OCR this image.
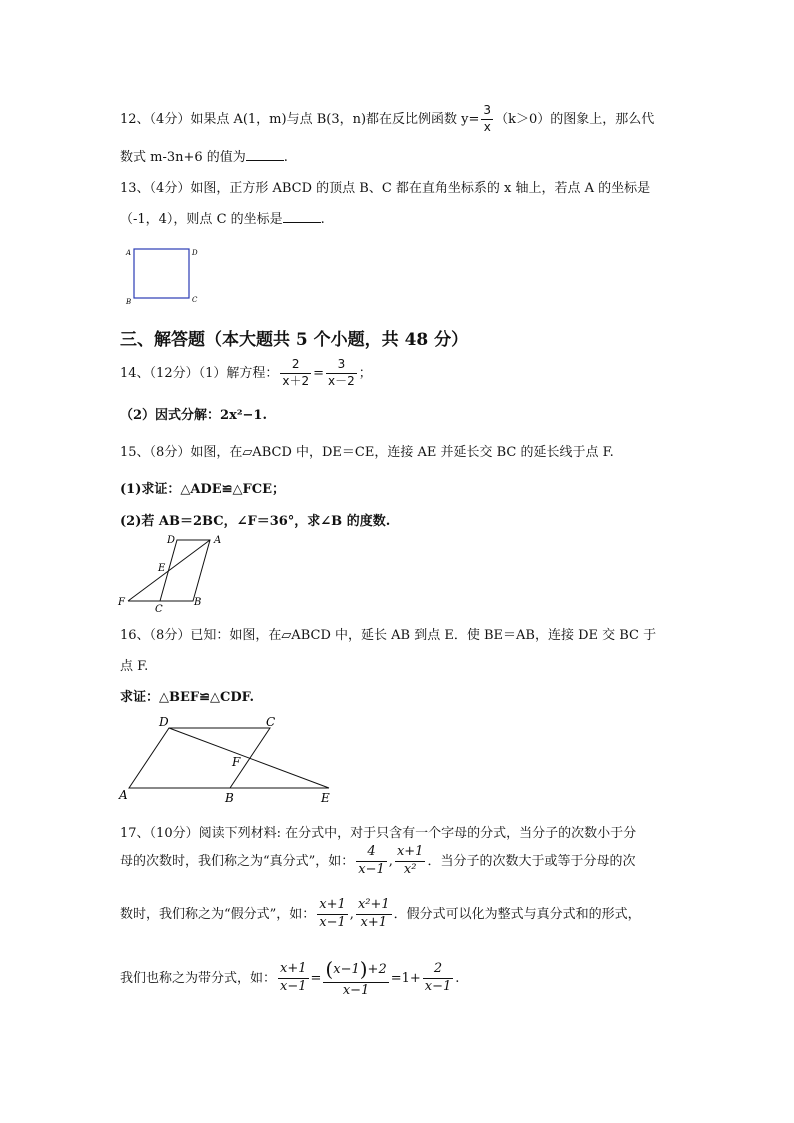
12、（4分）如果点 A(1，m)与点 B(3，n)都在反比例函数 $y= \frac{3}{x} (k>0)$的图象上，那么代
数式 m-3n+6 的值为	.
13、（4分）如图，正方形 ABCD 的顶点 B、C 都在直角坐标系的 x 轴上，若点 A 的坐标是
（-1，4），则点 C 的坐标是	.
A	D
B	C
三、解答题（本大题共 5 个小题，共 48 分）
14、（12分）（1）解方程： $\frac{2}{x+2} = \frac{3}{x-2}$ ；
（2）因式分解：2x²−1.
15、（8分）如图，在▱ABCD 中，DE＝CE，连接 AE 并延长交 BC 的延长线于点 F.
(1)求证：△ADE≌△FCE；
(2)若 AB＝2BC，∠F＝36°，求∠B 的度数.
D	A
E
F
C
B
16、（8分）已知：如图，在▱ABCD 中，延长 AB 到点 E．使 BE＝AB，连接 DE 交 BC 于
点 F.
求证：△BEF≌△CDF.
D	C
F
A	B	E
17、（10分）阅读下列材料: 在分式中，对于只含有一个字母的分式，当分子的次数小于分
母的次数时，我们称之为“真分式”，如： $\frac{4}{x-1}$ , $\frac{x+1}{\text{x²}}$ ．当分子的次数大于或等于分母的次
数时，我们称之为“假分式”，如： $\frac{x+1}{x-1}$ , $\frac{\text{x²+1}}{x+1}$ ．假分式可以化为整式与真分式和的形式，
我们也称之为带分式，如： $\frac{x+1}{x-1} = \frac{(x-1)+2}{x-1} =1+ \frac{2}{x-1}$ .
